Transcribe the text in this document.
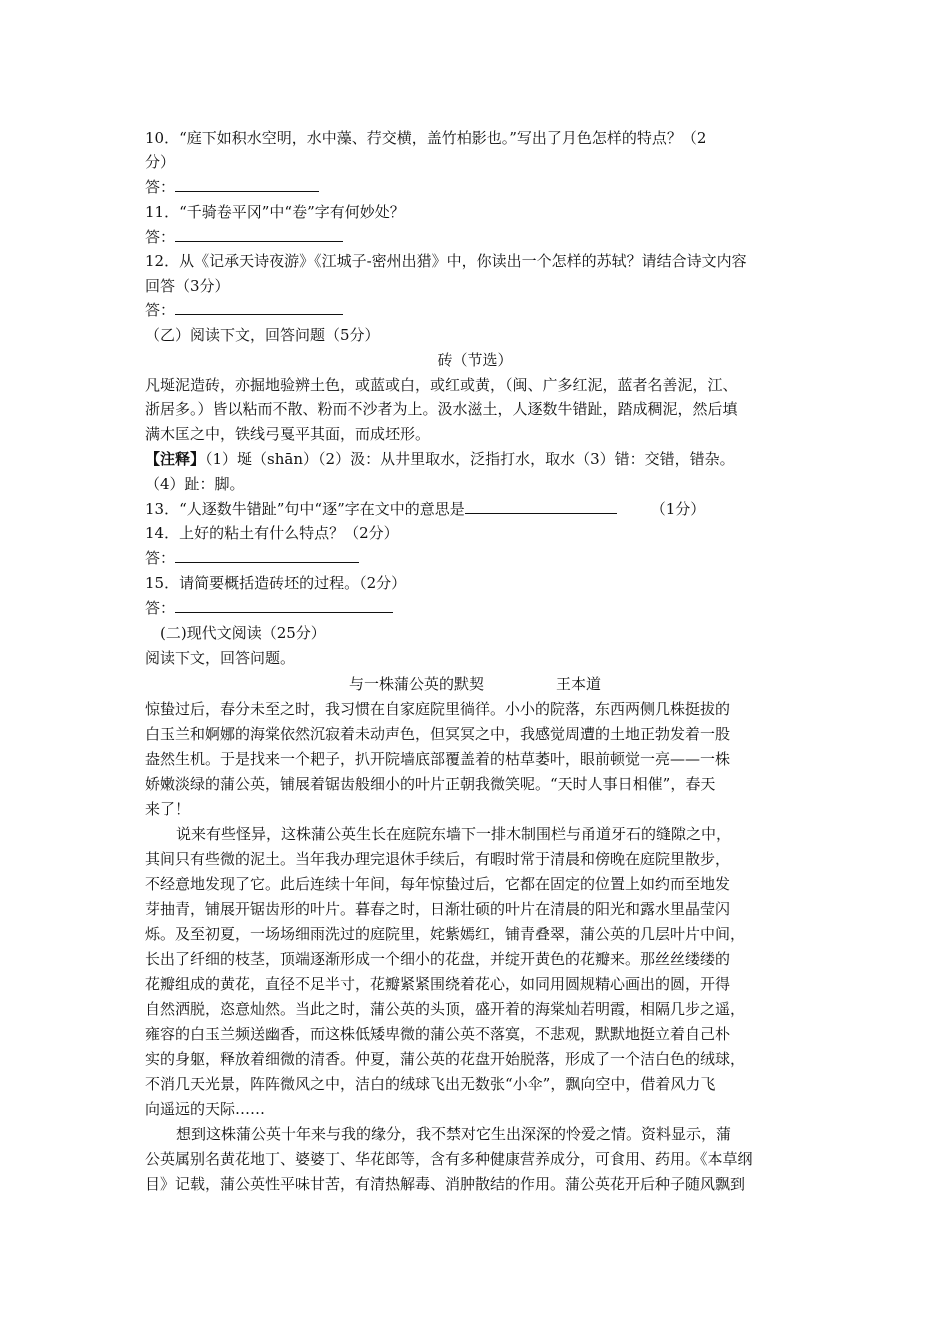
10．“庭下如积水空明，水中藻、荇交横，盖竹柏影也。”写出了月色怎样的特点？（2
分）
答：
11．“千骑卷平冈”中“卷”字有何妙处？
答：
12．从《记承天诗夜游》《江城子-密州出猎》中，你读出一个怎样的苏轼？请结合诗文内容
回答（3分）
答：
（乙）阅读下文，回答问题（5分）
砖（节选）
凡埏泥造砖，亦掘地验辨土色，或蓝或白，或红或黄，（闽、广多红泥，蓝者名善泥，江、
浙居多。）皆以粘而不散、粉而不沙者为上。汲水滋土，人逐数牛错趾，踏成稠泥，然后填
满木匡之中，铁线弓戛平其面，而成坯形。
【注释】（1）埏（shān）（2）汲：从井里取水，泛指打水，取水（3）错：交错，错杂。
（4）趾：脚。
13．“人逐数牛错趾”句中“逐”字在文中的意思是	（1分）
14．上好的粘土有什么特点？（2分）
答：
15．请简要概括造砖坯的过程。（2分）
答：
(二)现代文阅读（25分）
阅读下文，回答问题。
与一株蒲公英的默契	王本道
惊蛰过后，春分未至之时，我习惯在自家庭院里徜徉。小小的院落，东西两侧几株挺拔的
白玉兰和婀娜的海棠依然沉寂着未动声色，但冥冥之中，我感觉周遭的土地正勃发着一股
盎然生机。于是找来一个耙子，扒开院墙底部覆盖着的枯草萎叶，眼前顿觉一亮——一株
娇嫩淡绿的蒲公英，铺展着锯齿般细小的叶片正朝我微笑呢。“天时人事日相催”，春天
来了！
说来有些怪异，这株蒲公英生长在庭院东墙下一排木制围栏与甬道牙石的缝隙之中，
其间只有些微的泥土。当年我办理完退休手续后，有暇时常于清晨和傍晚在庭院里散步，
不经意地发现了它。此后连续十年间，每年惊蛰过后，它都在固定的位置上如约而至地发
芽抽青，铺展开锯齿形的叶片。暮春之时，日渐壮硕的叶片在清晨的阳光和露水里晶莹闪
烁。及至初夏，一场场细雨洗过的庭院里，姹紫嫣红，铺青叠翠，蒲公英的几层叶片中间，
长出了纤细的枝茎，顶端逐渐形成一个细小的花盘，并绽开黄色的花瓣来。那丝丝缕缕的
花瓣组成的黄花，直径不足半寸，花瓣紧紧围绕着花心，如同用圆规精心画出的圆，开得
自然洒脱，恣意灿然。当此之时，蒲公英的头顶，盛开着的海棠灿若明霞，相隔几步之遥，
雍容的白玉兰频送幽香，而这株低矮卑微的蒲公英不落寞，不悲观，默默地挺立着自己朴
实的身躯，释放着细微的清香。仲夏，蒲公英的花盘开始脱落，形成了一个洁白色的绒球，
不消几天光景，阵阵微风之中，洁白的绒球飞出无数张“小伞”，飘向空中，借着风力飞
向遥远的天际……
想到这株蒲公英十年来与我的缘分，我不禁对它生出深深的怜爱之情。资料显示，蒲
公英属别名黄花地丁、婆婆丁、华花郎等，含有多种健康营养成分，可食用、药用。《本草纲
目》记载，蒲公英性平味甘苦，有清热解毒、消肿散结的作用。蒲公英花开后种子随风飘到
